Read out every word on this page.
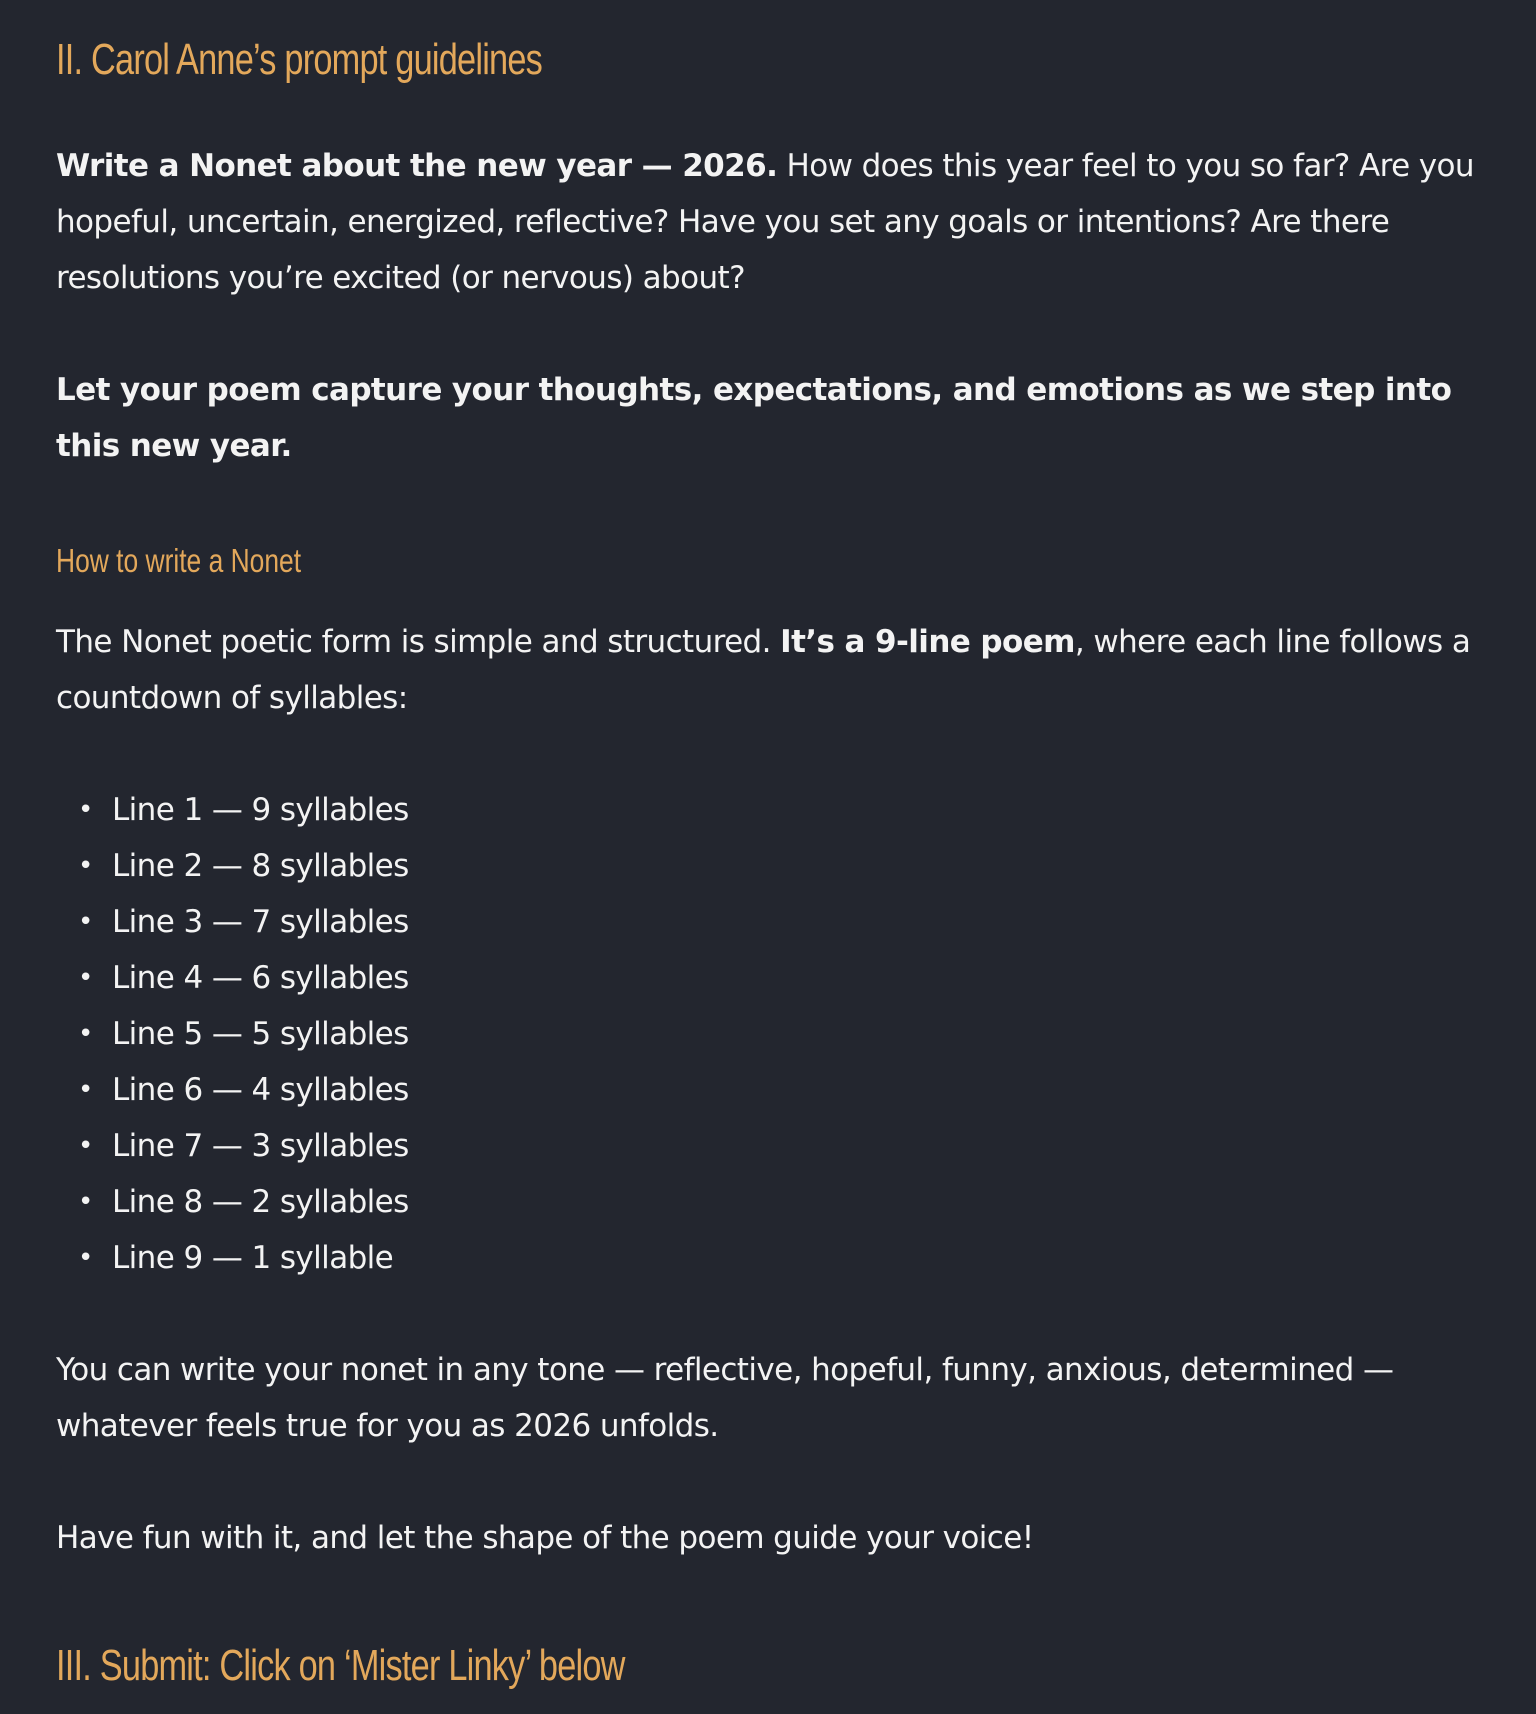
II. Carol Anne’s prompt guidelines

Write a Nonet about the new year — 2026. How does this year feel to you so far? Are you hopeful, uncertain, energized, reflective? Have you set any goals or intentions? Are there resolutions you’re excited (or nervous) about?

Let your poem capture your thoughts, expectations, and emotions as we step into this new year.

How to write a Nonet

The Nonet poetic form is simple and structured. It’s a 9-line poem, where each line follows a countdown of syllables:

• Line 1 — 9 syllables
• Line 2 — 8 syllables
• Line 3 — 7 syllables
• Line 4 — 6 syllables
• Line 5 — 5 syllables
• Line 6 — 4 syllables
• Line 7 — 3 syllables
• Line 8 — 2 syllables
• Line 9 — 1 syllable

You can write your nonet in any tone — reflective, hopeful, funny, anxious, determined — whatever feels true for you as 2026 unfolds.

Have fun with it, and let the shape of the poem guide your voice!

III. Submit: Click on ‘Mister Linky’ below
